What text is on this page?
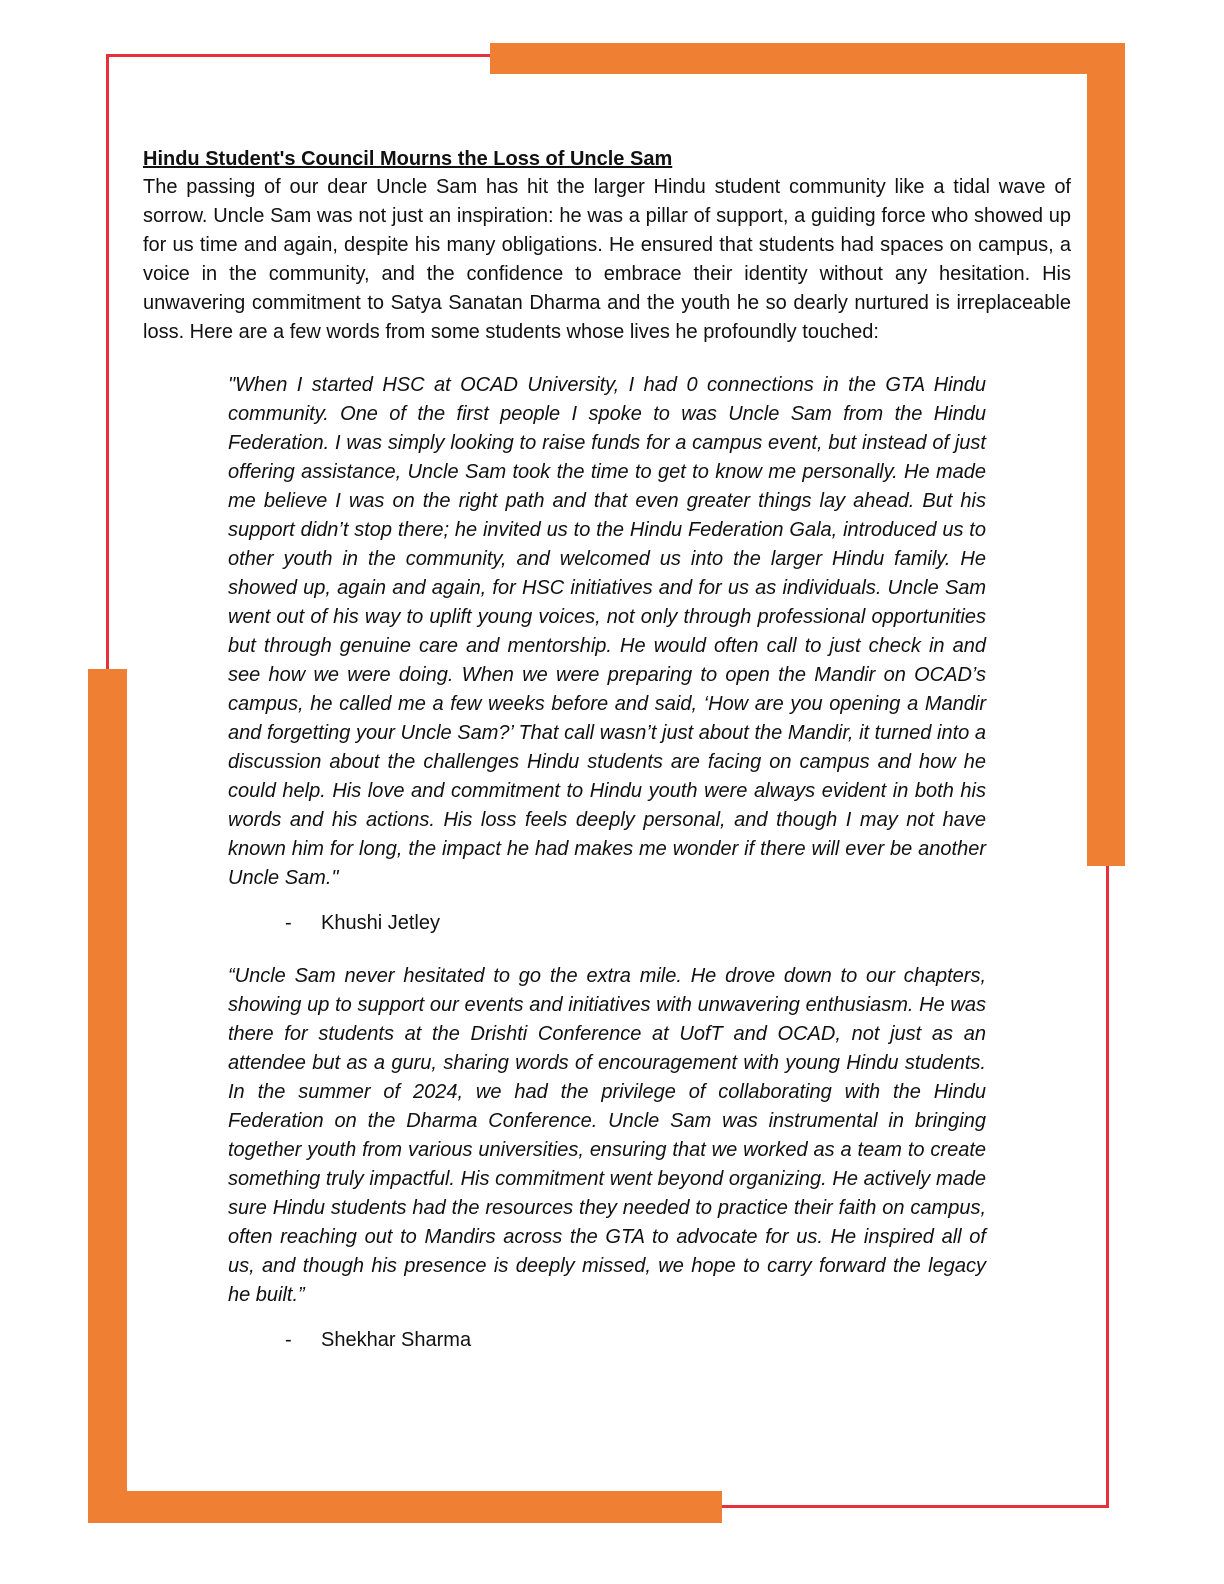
Hindu Student's Council Mourns the Loss of Uncle Sam

The passing of our dear Uncle Sam has hit the larger Hindu student community like a tidal wave of sorrow. Uncle Sam was not just an inspiration: he was a pillar of support, a guiding force who showed up for us time and again, despite his many obligations. He ensured that students had spaces on campus, a voice in the community, and the confidence to embrace their identity without any hesitation. His unwavering commitment to Satya Sanatan Dharma and the youth he so dearly nurtured is irreplaceable loss. Here are a few words from some students whose lives he profoundly touched:

"When I started HSC at OCAD University, I had 0 connections in the GTA Hindu community. One of the first people I spoke to was Uncle Sam from the Hindu Federation. I was simply looking to raise funds for a campus event, but instead of just offering assistance, Uncle Sam took the time to get to know me personally. He made me believe I was on the right path and that even greater things lay ahead. But his support didn’t stop there; he invited us to the Hindu Federation Gala, introduced us to other youth in the community, and welcomed us into the larger Hindu family. He showed up, again and again, for HSC initiatives and for us as individuals. Uncle Sam went out of his way to uplift young voices, not only through professional opportunities but through genuine care and mentorship. He would often call to just check in and see how we were doing. When we were preparing to open the Mandir on OCAD’s campus, he called me a few weeks before and said, ‘How are you opening a Mandir and forgetting your Uncle Sam?’ That call wasn’t just about the Mandir, it turned into a discussion about the challenges Hindu students are facing on campus and how he could help. His love and commitment to Hindu youth were always evident in both his words and his actions. His loss feels deeply personal, and though I may not have known him for long, the impact he had makes me wonder if there will ever be another Uncle Sam."
- Khushi Jetley
“Uncle Sam never hesitated to go the extra mile. He drove down to our chapters, showing up to support our events and initiatives with unwavering enthusiasm. He was there for students at the Drishti Conference at UofT and OCAD, not just as an attendee but as a guru, sharing words of encouragement with young Hindu students. In the summer of 2024, we had the privilege of collaborating with the Hindu Federation on the Dharma Conference. Uncle Sam was instrumental in bringing together youth from various universities, ensuring that we worked as a team to create something truly impactful. His commitment went beyond organizing. He actively made sure Hindu students had the resources they needed to practice their faith on campus, often reaching out to Mandirs across the GTA to advocate for us. He inspired all of us, and though his presence is deeply missed, we hope to carry forward the legacy he built.”
- Shekhar Sharma
